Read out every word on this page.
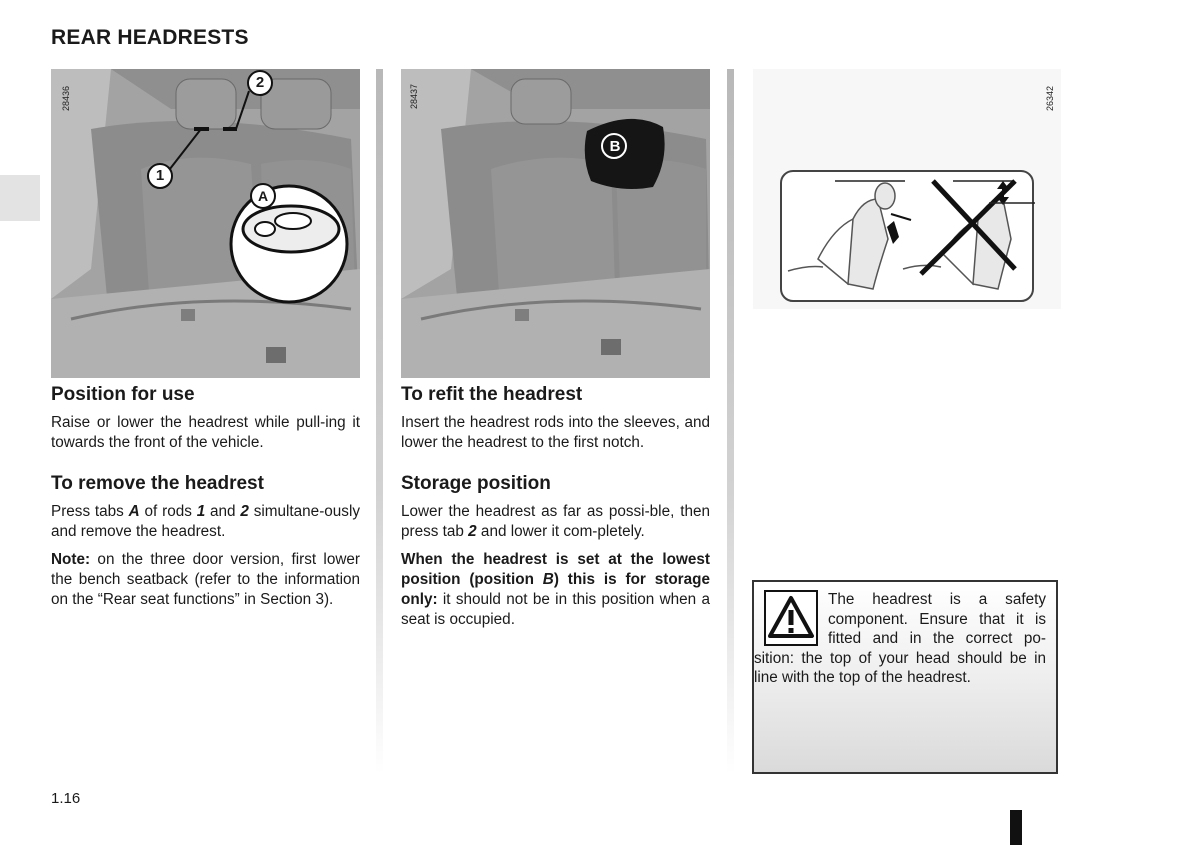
REAR HEADRESTS
28436
1
2
A
Position for use

Raise or lower the headrest while pull-ing it towards the front of the vehicle.

To remove the headrest

Press tabs A of rods 1 and 2 simultane-ously and remove the headrest.

Note: on the three door version, first lower the bench seatback (refer to the information on the “Rear seat functions” in Section 3).

28437
B
To refit the headrest

Insert the headrest rods into the sleeves, and lower the headrest to the first notch.

Storage position

Lower the headrest as far as possi-ble, then press tab 2 and lower it com-pletely.

When the headrest is set at the lowest position (position B) this is for storage only: it should not be in this position when a seat is occupied.

26342
The headrest is a safety component. Ensure that it is fitted and in the correct po-sition: the top of your head should be in line with the top of the headrest.
1.16
